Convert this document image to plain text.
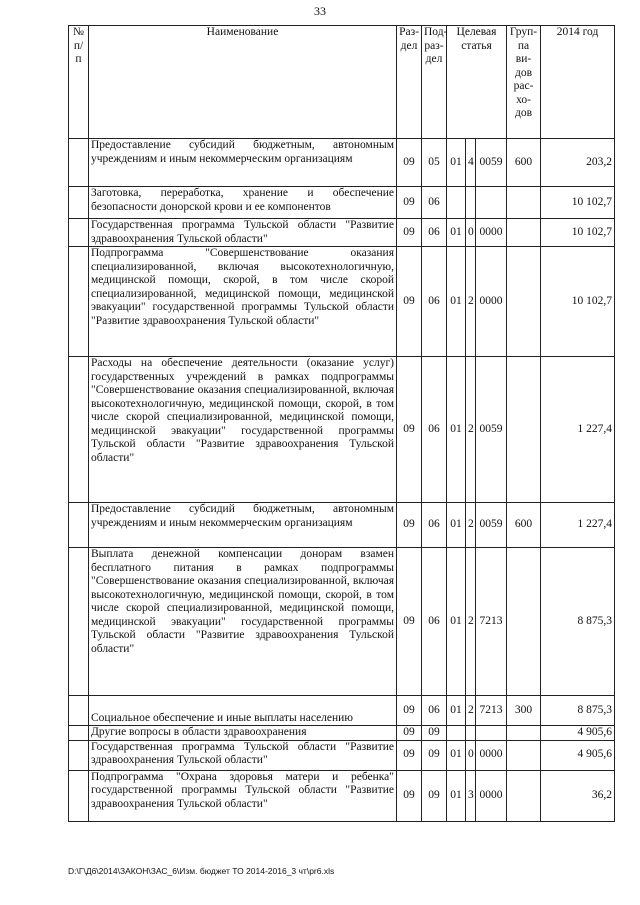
33
№ п/ п	Наименование	Раз- дел	Под- раз- дел	Целевая статья			Груп- па ви- дов рас- хо- дов	2014 год
	Предоставление субсидий бюджетным, автономным учреждениям и иным некоммерческим организациям	09	05	01	4	0059	600	203,2
	Заготовка, переработка, хранение и обеспечение безопасности донорской крови и ее компонентов	09	06					10 102,7
	Государственная программа Тульской области "Развитие здравоохранения Тульской области"	09	06	01	0	0000		10 102,7
	Подпрограмма "Совершенствование оказания специализированной, включая высокотехнологичную, медицинской помощи, скорой, в том числе скорой специализированной, медицинской помощи, медицинской эвакуации" государственной программы Тульской области "Развитие здравоохранения Тульской области"	09	06	01	2	0000		10 102,7
	Расходы на обеспечение деятельности (оказание услуг) государственных учреждений в рамках подпрограммы "Совершенствование оказания специализированной, включая высокотехнологичную, медицинской помощи, скорой, в том числе скорой специализированной, медицинской помощи, медицинской эвакуации" государственной программы Тульской области "Развитие здравоохранения Тульской области"	09	06	01	2	0059		1 227,4
	Предоставление субсидий бюджетным, автономным учреждениям и иным некоммерческим организациям	09	06	01	2	0059	600	1 227,4
	Выплата денежной компенсации донорам взамен бесплатного питания в рамках подпрограммы "Совершенствование оказания специализированной, включая высокотехнологичную, медицинской помощи, скорой, в том числе скорой специализированной, медицинской помощи, медицинской эвакуации" государственной программы Тульской области "Развитие здравоохранения Тульской области"	09	06	01	2	7213		8 875,3
	Социальное обеспечение и иные выплаты населению	09	06	01	2	7213	300	8 875,3
	Другие вопросы в области здравоохранения	09	09					4 905,6
	Государственная программа Тульской области "Развитие здравоохранения Тульской области"	09	09	01	0	0000		4 905,6
	Подпрограмма "Охрана здоровья матери и ребенка" государственной программы Тульской области "Развитие здравоохранения Тульской области"	09	09	01	3	0000		36,2
D:\Г\Д6\2014\ЗАКОН\ЗАС_6\Изм. бюджет ТО 2014-2016_3 чт\pr6.xls
